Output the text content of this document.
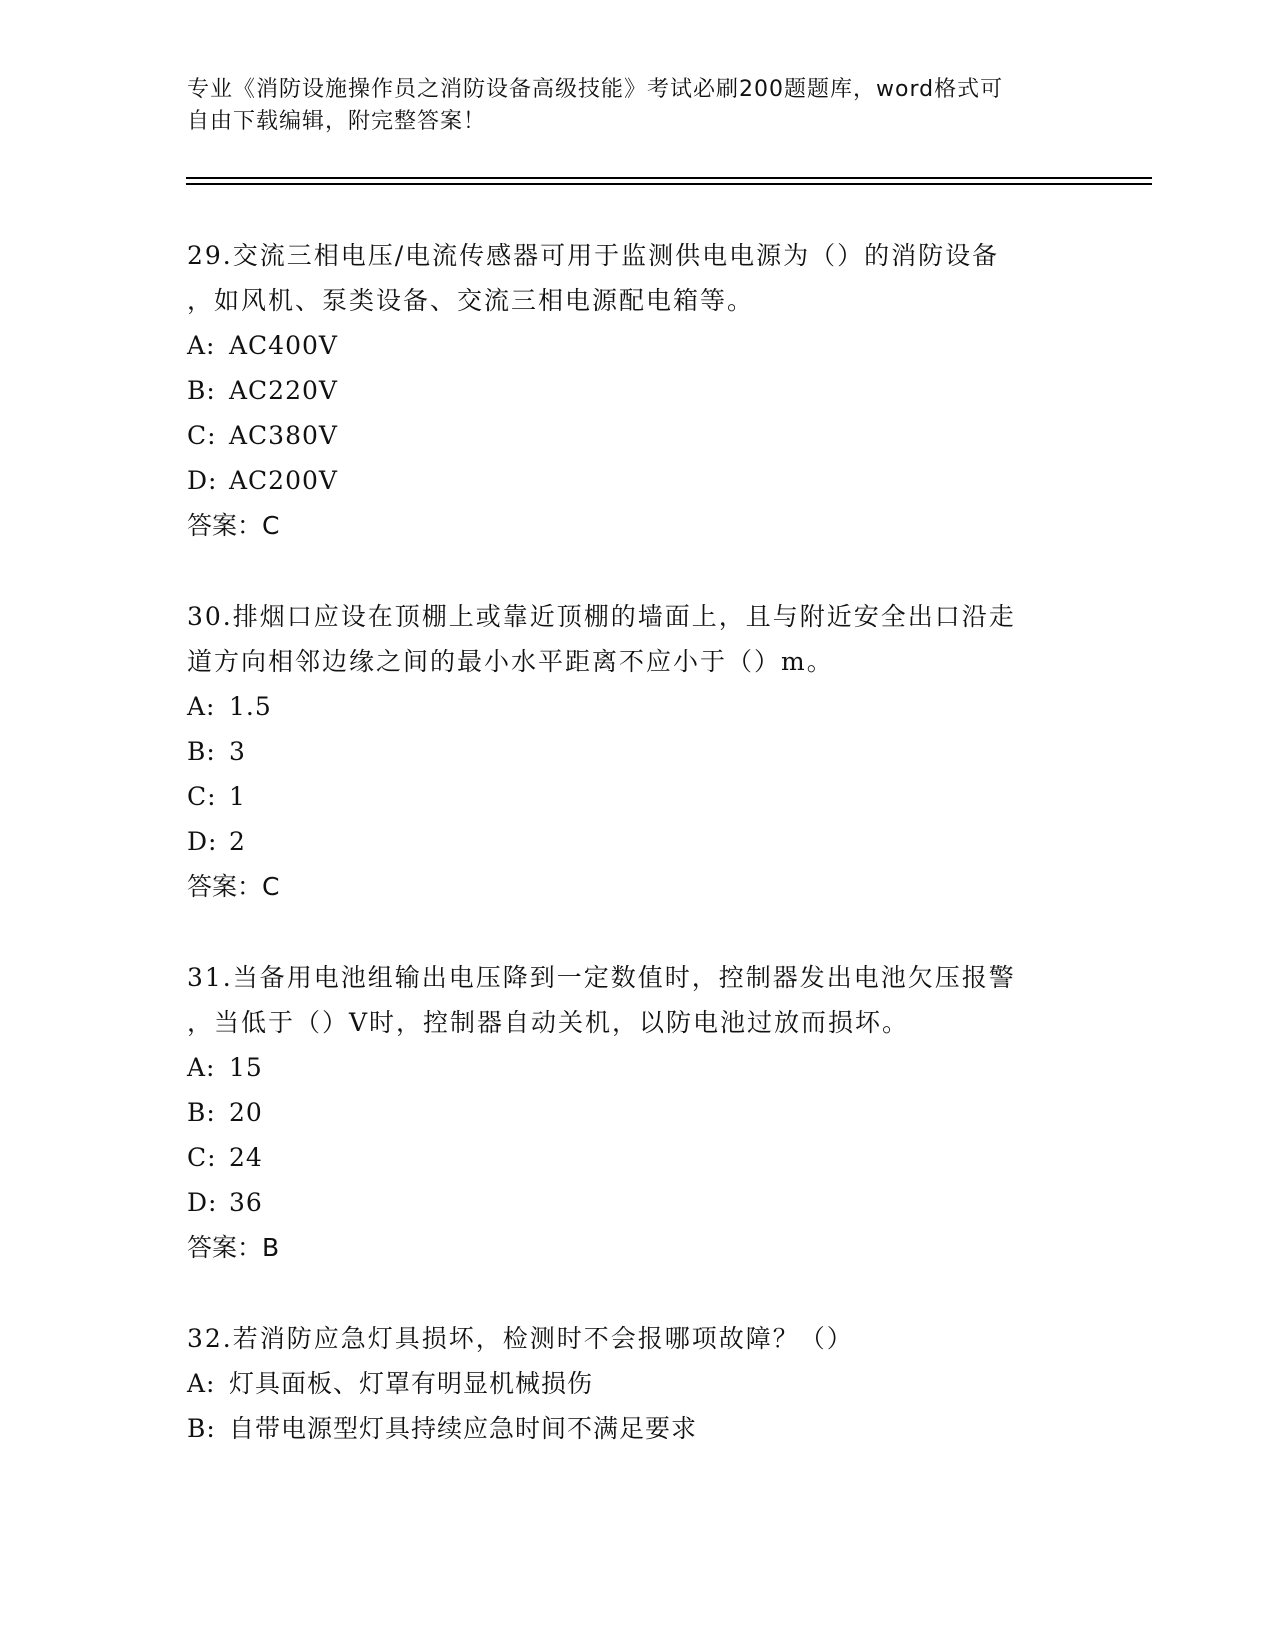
专业《消防设施操作员之消防设备高级技能》考试必刷200题题库，word格式可
自由下载编辑，附完整答案！
29.交流三相电压/电流传感器可用于监测供电电源为（）的消防设备
，如风机、泵类设备、交流三相电源配电箱等。
A: AC400V
B: AC220V
C: AC380V
D: AC200V
答案：C
30.排烟口应设在顶棚上或靠近顶棚的墙面上，且与附近安全出口沿走
道方向相邻边缘之间的最小水平距离不应小于（）m。
A: 1.5
B: 3
C: 1
D: 2
答案：C
31.当备用电池组输出电压降到一定数值时，控制器发出电池欠压报警
，当低于（）V时，控制器自动关机，以防电池过放而损坏。
A: 15
B: 20
C: 24
D: 36
答案：B
32.若消防应急灯具损坏，检测时不会报哪项故障？（）
A: 灯具面板、灯罩有明显机械损伤
B: 自带电源型灯具持续应急时间不满足要求
